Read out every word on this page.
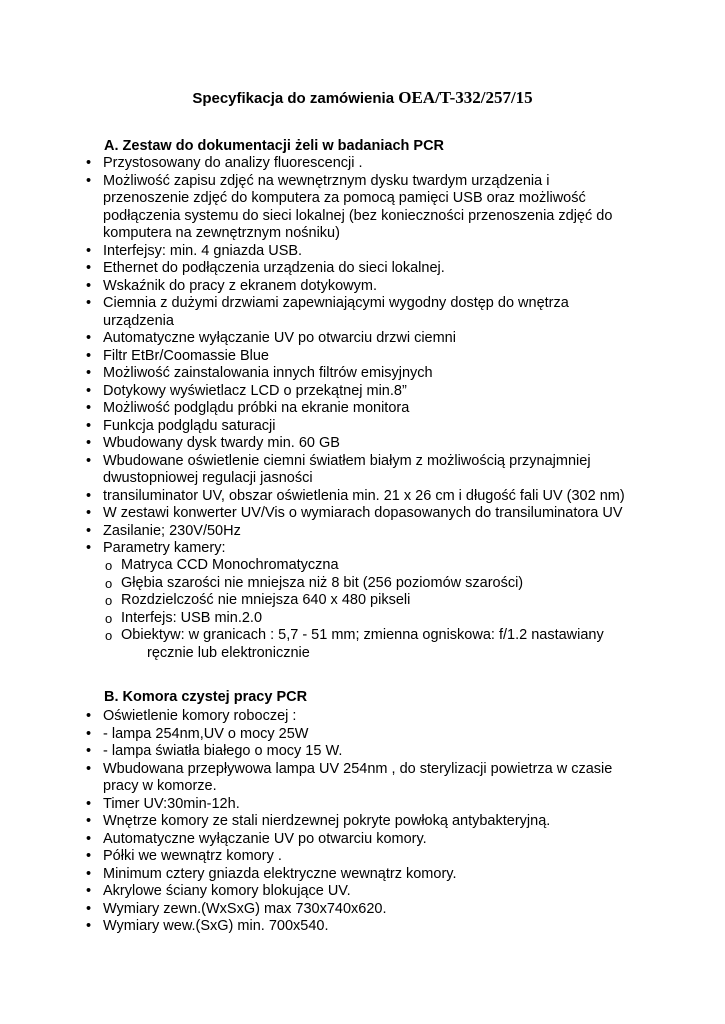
Specyfikacja do zamówienia OEA/T-332/257/15
A. Zestaw do dokumentacji żeli w badaniach PCR
• Przystosowany do analizy fluorescencji .
• Możliwość zapisu zdjęć na wewnętrznym dysku twardym urządzenia i przenoszenie zdjęć do komputera za pomocą pamięci USB oraz możliwość podłączenia systemu do sieci lokalnej (bez konieczności przenoszenia zdjęć do komputera na zewnętrznym nośniku)
• Interfejsy: min. 4 gniazda USB.
• Ethernet do podłączenia urządzenia do sieci lokalnej.
• Wskaźnik do pracy z ekranem dotykowym.
• Ciemnia z dużymi drzwiami zapewniającymi wygodny dostęp do wnętrza urządzenia
• Automatyczne wyłączanie UV po otwarciu drzwi ciemni
• Filtr EtBr/Coomassie Blue
• Możliwość zainstalowania innych filtrów emisyjnych
• Dotykowy wyświetlacz LCD o przekątnej min.8”
• Możliwość podglądu próbki na ekranie monitora
• Funkcja podglądu saturacji
• Wbudowany dysk twardy min. 60 GB
• Wbudowane oświetlenie ciemni światłem białym z możliwością przynajmniej dwustopniowej regulacji jasności
• transiluminator UV, obszar oświetlenia min. 21 x 26 cm i długość fali UV (302 nm)
• W zestawi konwerter UV/Vis o wymiarach dopasowanych do transiluminatora UV
• Zasilanie; 230V/50Hz
• Parametry kamery:
o Matryca CCD Monochromatyczna
o Głębia szarości nie mniejsza niż 8 bit (256 poziomów szarości)
o Rozdzielczość nie mniejsza 640 x 480 pikseli
o Interfejs: USB min.2.0
o Obiektyw: w granicach : 5,7 - 51 mm; zmienna ogniskowa: f/1.2 nastawiany
ręcznie lub elektronicznie
B. Komora czystej pracy PCR
• Oświetlenie komory roboczej :
• - lampa 254nm,UV o mocy 25W
• - lampa światła białego o mocy 15 W.
• Wbudowana przepływowa lampa UV 254nm , do sterylizacji powietrza w czasie pracy w komorze.
• Timer UV:30min-12h.
• Wnętrze komory ze stali nierdzewnej pokryte powłoką antybakteryjną.
• Automatyczne wyłączanie UV po otwarciu komory.
• Półki we wewnątrz komory .
• Minimum cztery gniazda elektryczne wewnątrz komory.
• Akrylowe ściany komory blokujące UV.
• Wymiary zewn.(WxSxG) max 730x740x620.
• Wymiary wew.(SxG) min. 700x540.
